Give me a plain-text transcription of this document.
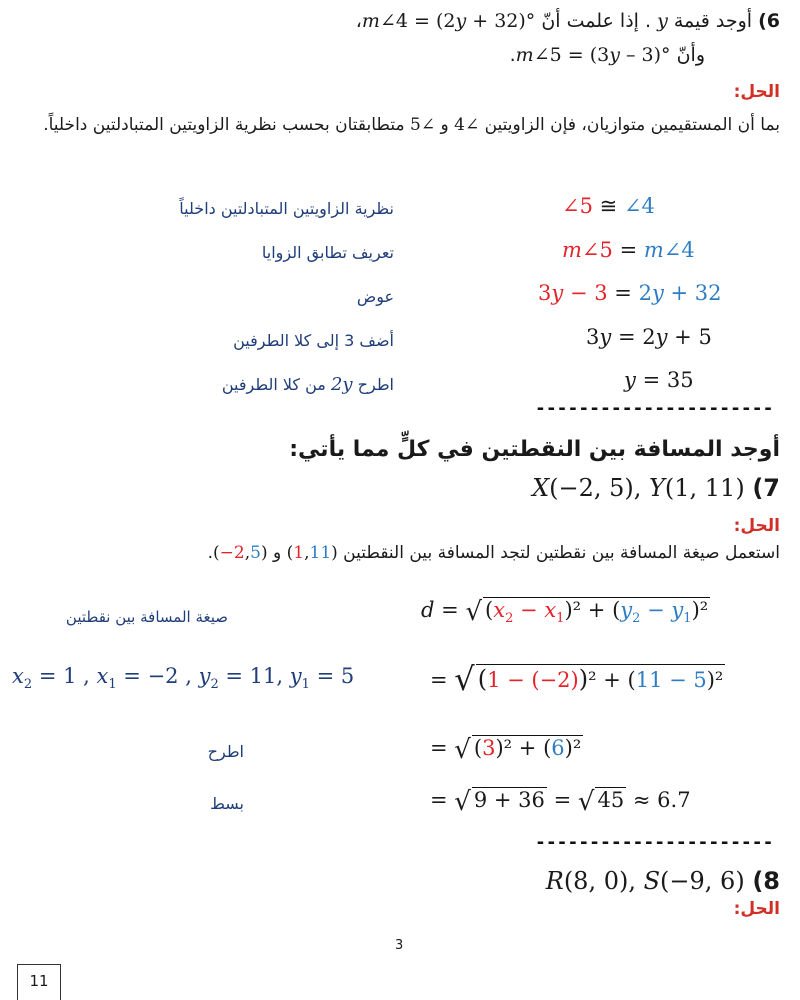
6) أوجد قيمة y . إذا علمت أنّ (2y + 32)° = m∠4،
وأنّ (3y – 3)° = m∠5.
الحل:
بما أن المستقيمين متوازيان، فإن الزاويتين ∠4 و ∠5 متطابقتان بحسب نظرية الزاويتين المتبادلتين داخلياً.
نظرية الزاويتين المتبادلتين داخلياً	∠5 ≅ ∠4
تعريف تطابق الزوايا	m∠5 = m∠4
عوض	3y − 3 = 2y + 32
أضف 3 إلى كلا الطرفين	3y = 2y + 5
اطرح 2y من كلا الطرفين	y = 35
----------------------
أوجد المسافة بين النقطتين في كلٍّ مما يأتي:
X(−2, 5), Y(1, 11) (7
الحل:
استعمل صيغة المسافة بين نقطتين لتجد المسافة بين النقطتين (1,11) و (−2,5).
صيغة المسافة بين نقطتين	d = √ $(x_2 - x_1)^2 + (y_2 - y_1)^2$
$x_2 = 1$ , $x_1 = -2$ , $y_2 = 11$, $y_1 = 5$	= √ (1 − (−2))² + (11 − 5)²
اطرح	= √ (3)² + (6)²
بسط	= √ 9 + 36 = √ 45 ≈ 6.7
----------------------
R(8, 0), S(−9, 6) (8
الحل:
3
11
